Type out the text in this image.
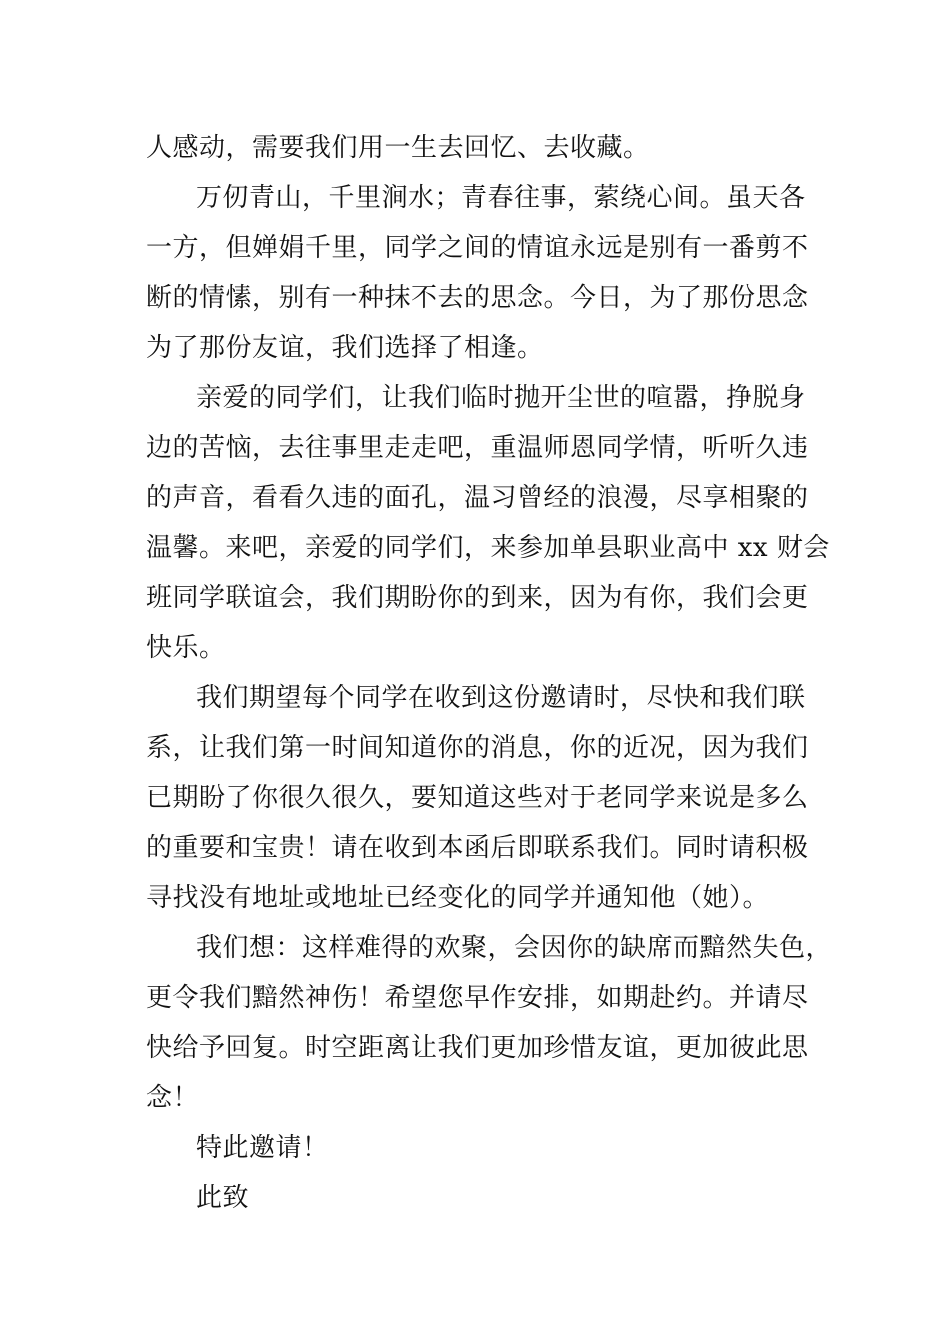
人感动，需要我们用一生去回忆、去收藏。

万仞青山，千里涧水；青春往事，萦绕心间。虽天各

一方，但婵娟千里，同学之间的情谊永远是别有一番剪不

断的情愫，别有一种抹不去的思念。今日，为了那份思念

为了那份友谊，我们选择了相逢。

亲爱的同学们，让我们临时抛开尘世的喧嚣，挣脱身

边的苦恼，去往事里走走吧，重温师恩同学情，听听久违

的声音，看看久违的面孔，温习曾经的浪漫，尽享相聚的

温馨。来吧，亲爱的同学们，来参加单县职业高中 xx 财会

班同学联谊会，我们期盼你的到来，因为有你，我们会更

快乐。

我们期望每个同学在收到这份邀请时，尽快和我们联

系，让我们第一时间知道你的消息，你的近况，因为我们

已期盼了你很久很久，要知道这些对于老同学来说是多么

的重要和宝贵！请在收到本函后即联系我们。同时请积极

寻找没有地址或地址已经变化的同学并通知他（她）。

我们想：这样难得的欢聚，会因你的缺席而黯然失色，

更令我们黯然神伤！希望您早作安排，如期赴约。并请尽

快给予回复。时空距离让我们更加珍惜友谊，更加彼此思

念！

特此邀请！

此致
